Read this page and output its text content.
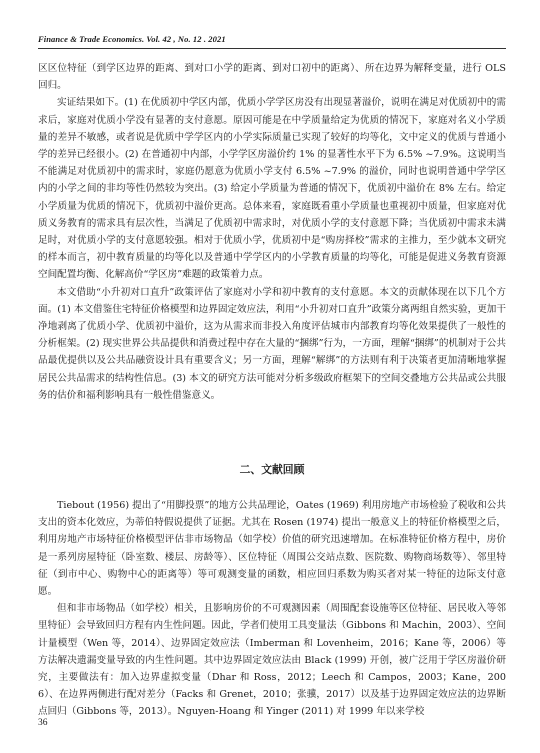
Finance & Trade Economics. Vol. 42 , No. 12 . 2021

区区位特征（到学区边界的距离、到对口小学的距离、到对口初中的距离）、所在边界为解释变量，进行 OLS 回归。

实证结果如下。(1) 在优质初中学区内部，优质小学学区房没有出现显著溢价，说明在满足对优质初中的需求后，家庭对优质小学没有显著的支付意愿。原因可能是在中学质量给定为优质的情况下，家庭对名义小学质量的差异不敏感，或者说是优质中学学区内的小学实际质量已实现了较好的均等化，文中定义的优质与普通小学的差异已经很小。(2) 在普通初中内部，小学学区房溢价约 1% 的显著性水平下为 6.5% ~7.9%。这说明当不能满足对优质初中的需求时，家庭仍愿意为优质小学支付 6.5% ~7.9% 的溢价，同时也说明普通中学学区内的小学之间的非均等性仍然较为突出。(3) 给定小学质量为普通的情况下，优质初中溢价在 8% 左右。给定小学质量为优质的情况下，优质初中溢价更高。总体来看，家庭既看重小学质量也重视初中质量，但家庭对优质义务教育的需求具有层次性，当满足了优质初中需求时，对优质小学的支付意愿下降；当优质初中需求未满足时，对优质小学的支付意愿较强。相对于优质小学，优质初中是“购房择校”需求的主推力，至少就本文研究的样本而言，初中教育质量的均等化以及普通中学学区内的小学教育质量的均等化，可能是促进义务教育资源空间配置均衡、化解高价“学区房”难题的政策着力点。

本文借助“小升初对口直升”政策评估了家庭对小学和初中教育的支付意愿。本文的贡献体现在以下几个方面。(1) 本文借鉴住宅特征价格模型和边界固定效应法，利用“小升初对口直升”政策分离两组自然实验，更加干净地剥离了优质小学、优质初中溢价，这为从需求而非投入角度评估城市内部教育均等化效果提供了一般性的分析框架。(2) 现实世界公共品提供和消费过程中存在大量的“捆绑”行为，一方面，理解“捆绑”的机制对于公共品最优提供以及公共品融资设计具有重要含义；另一方面，理解“解绑”的方法则有利于决策者更加清晰地掌握居民公共品需求的结构性信息。(3) 本文的研究方法可能对分析多级政府框架下的空间交叠地方公共品或公共服务的估价和福利影响具有一般性借鉴意义。

二、文献回顾

Tiebout (1956) 提出了“用脚投票”的地方公共品理论，Oates (1969) 利用房地产市场检验了税收和公共支出的资本化效应，为蒂伯特假说提供了证据。尤其在 Rosen (1974) 提出一般意义上的特征价格模型之后，利用房地产市场特征价格模型评估非市场物品（如学校）价值的研究迅速增加。在标准特征价格方程中，房价是一系列房屋特征（卧室数、楼层、房龄等）、区位特征（周围公交站点数、医院数、购物商场数等）、邻里特征（到市中心、购物中心的距离等）等可观测变量的函数，相应回归系数为购买者对某一特征的边际支付意愿。

但和非市场物品（如学校）相关，且影响房价的不可观测因素（周围配套设施等区位特征、居民收入等邻里特征）会导致回归方程有内生性问题。因此，学者们使用工具变量法（Gibbons 和 Machin，2003）、空间计量模型（Wen 等，2014）、边界固定效应法（Imberman 和 Lovenheim，2016；Kane 等，2006）等方法解决遗漏变量导致的内生性问题。其中边界固定效应法由 Black (1999) 开创，被广泛用于学区房溢价研究，主要做法有：加入边界虚拟变量（Dhar 和 Ross，2012；Leech 和 Campos，2003；Kane，2006）、在边界两侧进行配对差分（Facks 和 Grenet，2010；张骥，2017）以及基于边界固定效应法的边界断点回归（Gibbons 等，2013）。Nguyen-Hoang 和 Yinger (2011) 对 1999 年以来学校

36
